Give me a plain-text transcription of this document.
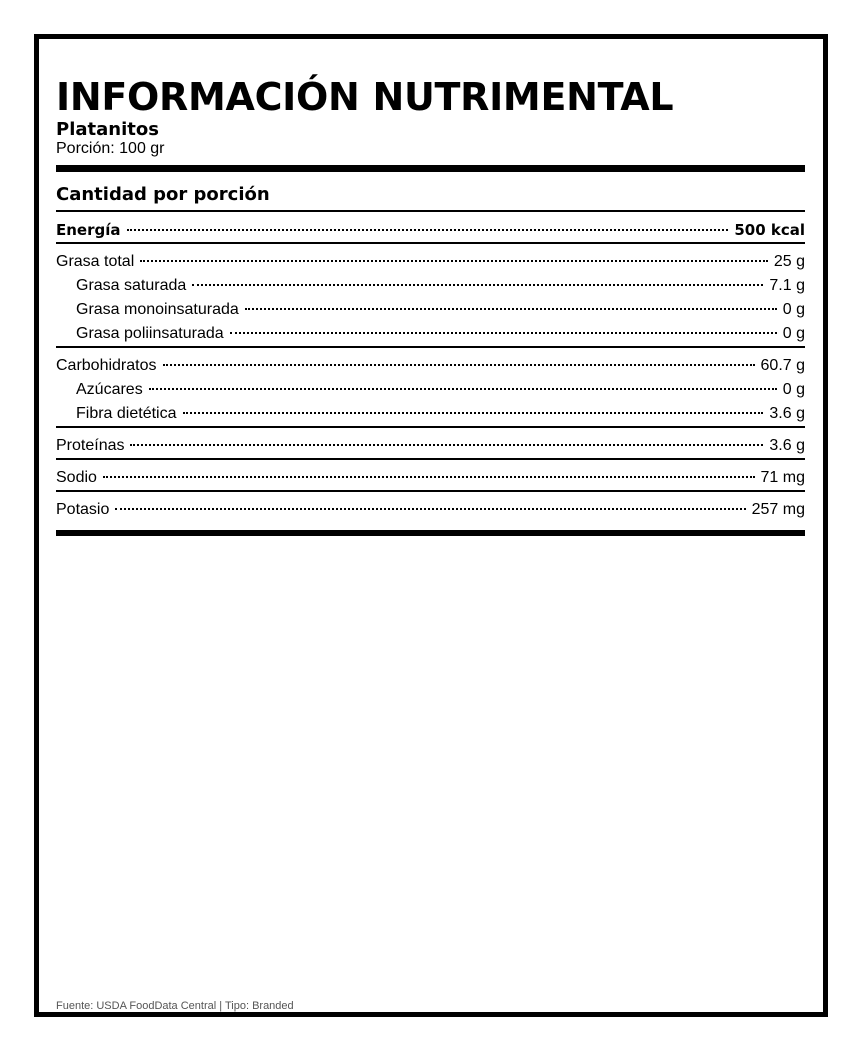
INFORMACIÓN NUTRIMENTAL
Platanitos
Porción: 100 gr
Cantidad por porción
Energía	500 kcal
Grasa total	25 g
Grasa saturada	7.1 g
Grasa monoinsaturada	0 g
Grasa poliinsaturada	0 g
Carbohidratos	60.7 g
Azúcares	0 g
Fibra dietética	3.6 g
Proteínas	3.6 g
Sodio	71 mg
Potasio	257 mg
Fuente: USDA FoodData Central | Tipo: Branded
